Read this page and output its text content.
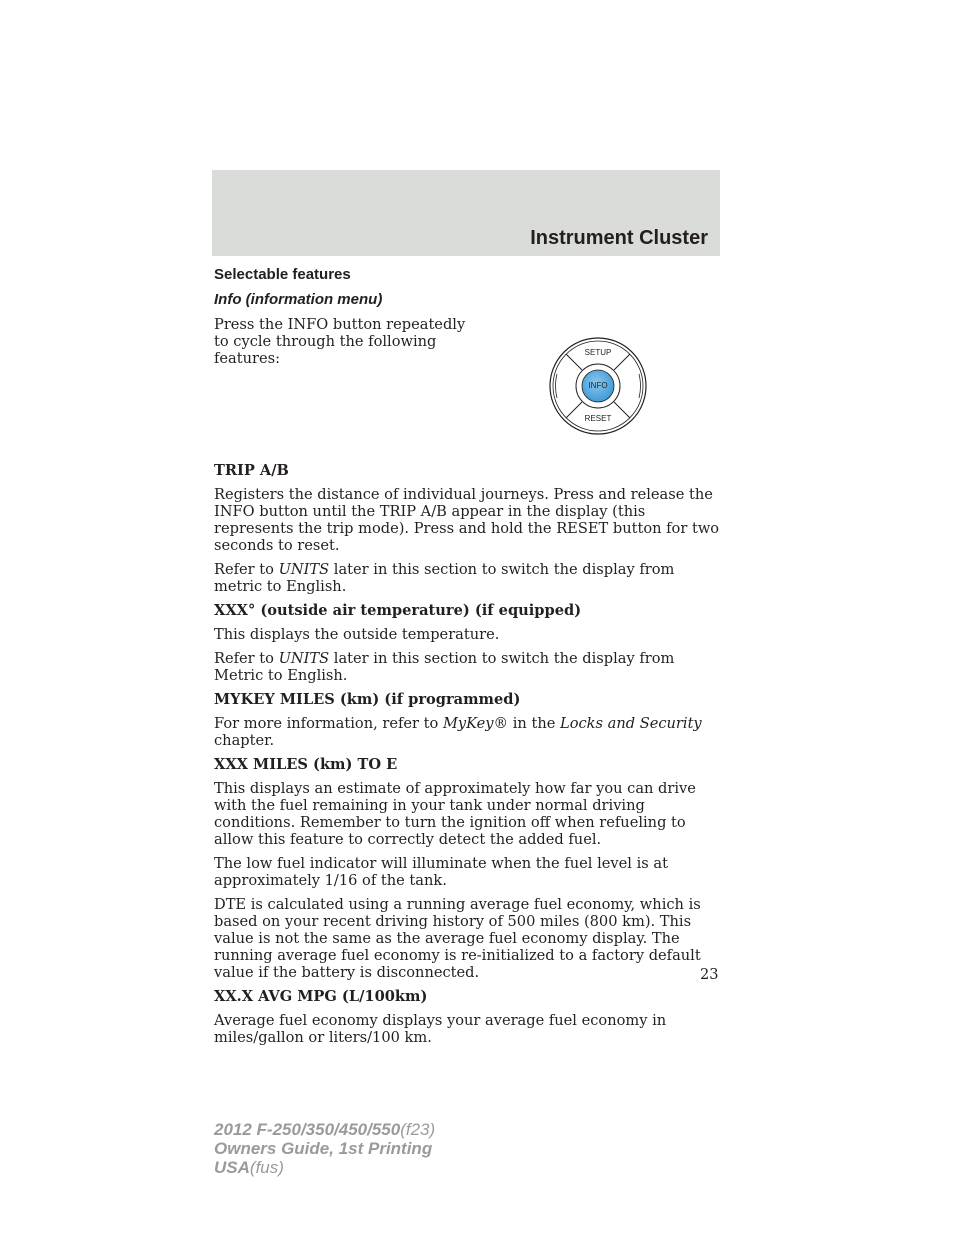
Instrument Cluster
Selectable features
Info (information menu)

Press the INFO button repeatedly to cycle through the following features:	SETUP
INFO
RESET
TRIP A/B

Registers the distance of individual journeys. Press and release the INFO button until the TRIP A/B appear in the display (this represents the trip mode). Press and hold the RESET button for two seconds to reset.

Refer to UNITS later in this section to switch the display from metric to English.

XXX° (outside air temperature) (if equipped)

This displays the outside temperature.

Refer to UNITS later in this section to switch the display from Metric to English.

MYKEY MILES (km) (if programmed)

For more information, refer to MyKey® in the Locks and Security chapter.

XXX MILES (km) TO E

This displays an estimate of approximately how far you can drive with the fuel remaining in your tank under normal driving conditions. Remember to turn the ignition off when refueling to allow this feature to correctly detect the added fuel.

The low fuel indicator will illuminate when the fuel level is at approximately 1/16 of the tank.

DTE is calculated using a running average fuel economy, which is based on your recent driving history of 500 miles (800 km). This value is not the same as the average fuel economy display. The running average fuel economy is re-initialized to a factory default value if the battery is disconnected.

XX.X AVG MPG (L/100km)

Average fuel economy displays your average fuel economy in miles/gallon or liters/100 km.

23
2012 F-250/350/450/550(f23)
Owners Guide, 1st Printing
USA(fus)
